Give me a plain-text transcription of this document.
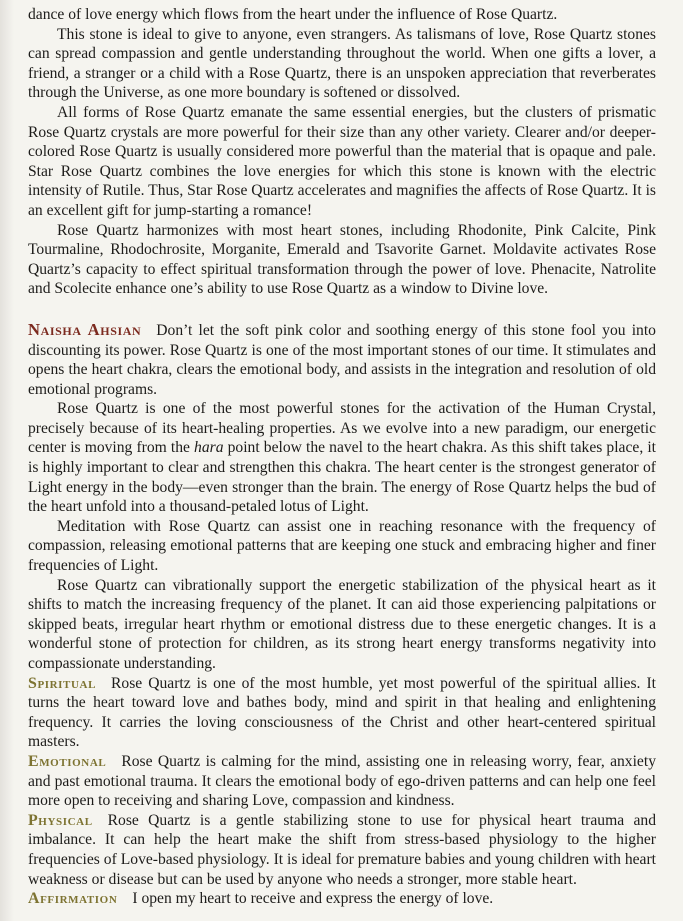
dance of love energy which flows from the heart under the influence of Rose Quartz.

This stone is ideal to give to anyone, even strangers. As talismans of love, Rose Quartz stones can spread compassion and gentle understanding throughout the world. When one gifts a lover, a friend, a stranger or a child with a Rose Quartz, there is an unspoken appreciation that reverberates through the Universe, as one more boundary is softened or dissolved.

All forms of Rose Quartz emanate the same essential energies, but the clusters of prismatic Rose Quartz crystals are more powerful for their size than any other variety. Clearer and/or deeper-colored Rose Quartz is usually considered more powerful than the material that is opaque and pale. Star Rose Quartz combines the love energies for which this stone is known with the electric intensity of Rutile. Thus, Star Rose Quartz accelerates and magnifies the affects of Rose Quartz. It is an excellent gift for jump-starting a romance!

Rose Quartz harmonizes with most heart stones, including Rhodonite, Pink Calcite, Pink Tourmaline, Rhodochrosite, Morganite, Emerald and Tsavorite Garnet. Moldavite activates Rose Quartz’s capacity to effect spiritual transformation through the power of love. Phenacite, Natrolite and Scolecite enhance one’s ability to use Rose Quartz as a window to Divine love.

Naisha Ahsian Don’t let the soft pink color and soothing energy of this stone fool you into discounting its power. Rose Quartz is one of the most important stones of our time. It stimulates and opens the heart chakra, clears the emotional body, and assists in the integration and resolution of old emotional programs.

Rose Quartz is one of the most powerful stones for the activation of the Human Crystal, precisely because of its heart-healing properties. As we evolve into a new paradigm, our energetic center is moving from the hara point below the navel to the heart chakra. As this shift takes place, it is highly important to clear and strengthen this chakra. The heart center is the strongest generator of Light energy in the body—even stronger than the brain. The energy of Rose Quartz helps the bud of the heart unfold into a thousand-petaled lotus of Light.

Meditation with Rose Quartz can assist one in reaching resonance with the frequency of compassion, releasing emotional patterns that are keeping one stuck and embracing higher and finer frequencies of Light.

Rose Quartz can vibrationally support the energetic stabilization of the physical heart as it shifts to match the increasing frequency of the planet. It can aid those experiencing palpitations or skipped beats, irregular heart rhythm or emotional distress due to these energetic changes. It is a wonderful stone of protection for children, as its strong heart energy transforms negativity into compassionate understanding.

Spiritual Rose Quartz is one of the most humble, yet most powerful of the spiritual allies. It turns the heart toward love and bathes body, mind and spirit in that healing and enlightening frequency. It carries the loving consciousness of the Christ and other heart-centered spiritual masters.

Emotional Rose Quartz is calming for the mind, assisting one in releasing worry, fear, anxiety and past emotional trauma. It clears the emotional body of ego-driven patterns and can help one feel more open to receiving and sharing Love, compassion and kindness.

Physical Rose Quartz is a gentle stabilizing stone to use for physical heart trauma and imbalance. It can help the heart make the shift from stress-based physiology to the higher frequencies of Love-based physiology. It is ideal for premature babies and young children with heart weakness or disease but can be used by anyone who needs a stronger, more stable heart.

Affirmation I open my heart to receive and express the energy of love.
